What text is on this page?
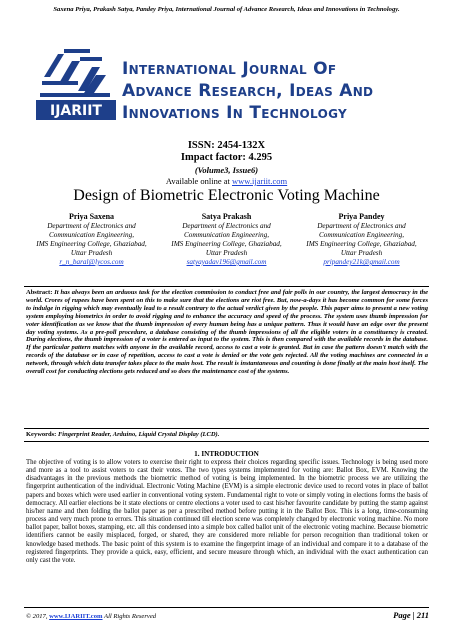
Saxena Priya, Prakash Satya, Pandey Priya, International Journal of Advance Research, Ideas and Innovations in Technology.
IJARIIT
International Journal Of
Advance Research, Ideas And
Innovations In Technology
ISSN: 2454-132X
Impact factor: 4.295
(Volume3, Issue6)
Available online at www.ijariit.com
Design of Biometric Electronic Voting Machine
Priya Saxena
Department of Electronics and Communication Engineering,
IMS Engineering College, Ghaziabad,
Uttar Pradesh
r_n_baral@lycos.com
Satya Prakash
Department of Electronics and Communication Engineering,
IMS Engineering College, Ghaziabad,
Uttar Pradesh
satyayadav196@gmail.com
Priya Pandey
Department of Electronics and Communication Engineering,
IMS Engineering College, Ghaziabad,
Uttar Pradesh
pripandey21k@gmail.com
Abstract: It has always been an arduous task for the election commission to conduct free and fair polls in our country, the largest democracy in the world. Crores of rupees have been spent on this to make sure that the elections are riot free. But, now-a-days it has become common for some forces to indulge in rigging which may eventually lead to a result contrary to the actual verdict given by the people. This paper aims to present a new voting system employing biometrics in order to avoid rigging and to enhance the accuracy and speed of the process. The system uses thumb impression for voter identification as we know that the thumb impression of every human being has a unique pattern. Thus it would have an edge over the present day voting systems. As a pre-poll procedure, a database consisting of the thumb impressions of all the eligible voters in a constituency is created. During elections, the thumb impression of a voter is entered as input to the system. This is then compared with the available records in the database. If the particular pattern matches with anyone in the available record, access to cast a vote is granted. But in case the pattern doesn't match with the records of the database or in case of repetition, access to cast a vote is denied or the vote gets rejected. All the voting machines are connected in a network, through which data transfer takes place to the main host. The result is instantaneous and counting is done finally at the main host itself. The overall cost for conducting elections gets reduced and so does the maintenance cost of the systems.
Keywords: Fingerprint Reader, Arduino, Liquid Crystal Display (LCD).
1. INTRODUCTION
The objective of voting is to allow voters to exercise their right to express their choices regarding specific issues. Technology is being used more and more as a tool to assist voters to cast their votes. The two types systems implemented for voting are: Ballot Box, EVM. Knowing the disadvantages in the previous methods the biometric method of voting is being implemented. In the biometric process we are utilizing the fingerprint authentication of the individual. Electronic Voting Machine (EVM) is a simple electronic device used to record votes in place of ballot papers and boxes which were used earlier in conventional voting system. Fundamental right to vote or simply voting in elections forms the basis of democracy. All earlier elections be it state elections or centre elections a voter used to cast his/her favourite candidate by putting the stamp against his/her name and then folding the ballot paper as per a prescribed method before putting it in the Ballot Box. This is a long, time-consuming process and very much prone to errors. This situation continued till election scene was completely changed by electronic voting machine. No more ballot paper, ballot boxes, stamping, etc. all this condensed into a simple box called ballot unit of the electronic voting machine. Because biometric identifiers cannot be easily misplaced, forged, or shared, they are considered more reliable for person recognition than traditional token or knowledge based methods. The basic point of this system is to examine the fingerprint image of an individual and compare it to a database of the registered fingerprints. They provide a quick, easy, efficient, and secure measure through which, an individual with the exact authentication can only cast the vote.
© 2017, www.IJARIIT.com All Rights Reserved	Page | 211
